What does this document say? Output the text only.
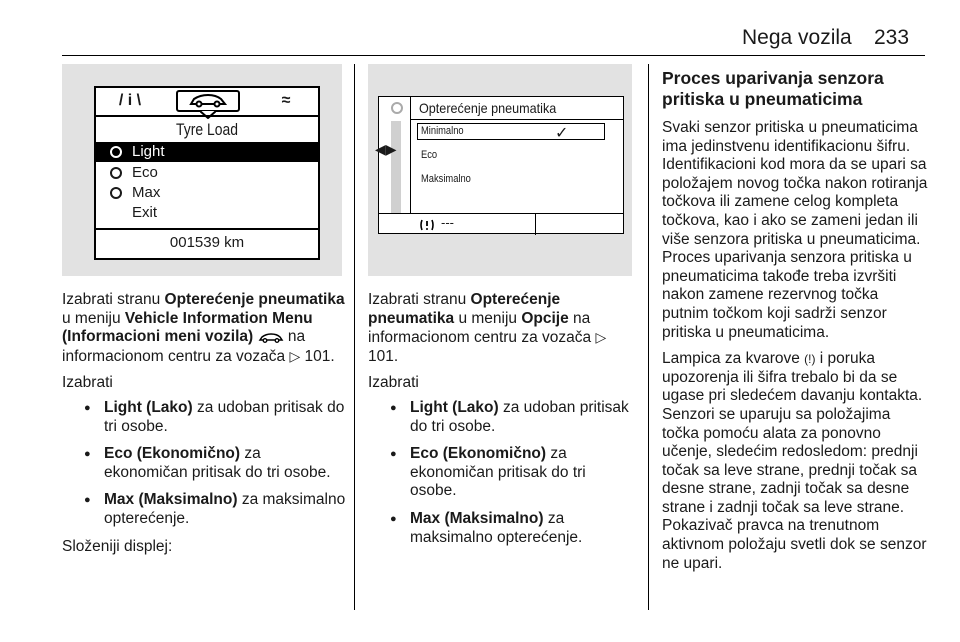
Nega vozila 233
/ i \	≈
Tyre Load
Light
Eco
Max
Exit
001539 km
Opterećenje pneumatika
Minimalno	✓
Eco
Maksimalno
◀▶
---

Izabrati stranu Opterećenje pneumatika u meniju Vehicle Information Menu (Informacioni meni vozila)  na informacionom centru za vozača ▷ 101.

Izabrati

● Light (Lako) za udoban pritisak do tri osobe.
● Eco (Ekonomično) za ekonomičan pritisak do tri osobe.
● Max (Maksimalno) za maksimalno opterećenje.

Složeniji displej:

Izabrati stranu Opterećenje pneumatika u meniju Opcije na informacionom centru za vozača ▷ 101.

Izabrati

● Light (Lako) za udoban pritisak do tri osobe.
● Eco (Ekonomično) za ekonomičan pritisak do tri osobe.
● Max (Maksimalno) za maksimalno opterećenje.
Proces uparivanja senzora pritiska u pneumaticima

Svaki senzor pritiska u pneumaticima ima jedinstvenu identifikacionu šifru. Identifikacioni kod mora da se upari sa položajem novog točka nakon rotiranja točkova ili zamene celog kompleta točkova, kao i ako se zameni jedan ili više senzora pritiska u pneumaticima. Proces uparivanja senzora pritiska u pneumaticima takođe treba izvršiti nakon zamene rezervnog točka putnim točkom koji sadrži senzor pritiska u pneumaticima.

Lampica za kvarove (!) i poruka upozorenja ili šifra trebalo bi da se ugase pri sledećem davanju kontakta. Senzori se uparuju sa položajima točka pomoću alata za ponovno učenje, sledećim redosledom: prednji točak sa leve strane, prednji točak sa desne strane, zadnji točak sa desne strane i zadnji točak sa leve strane. Pokazivač pravca na trenutnom aktivnom položaju svetli dok se senzor ne upari.
